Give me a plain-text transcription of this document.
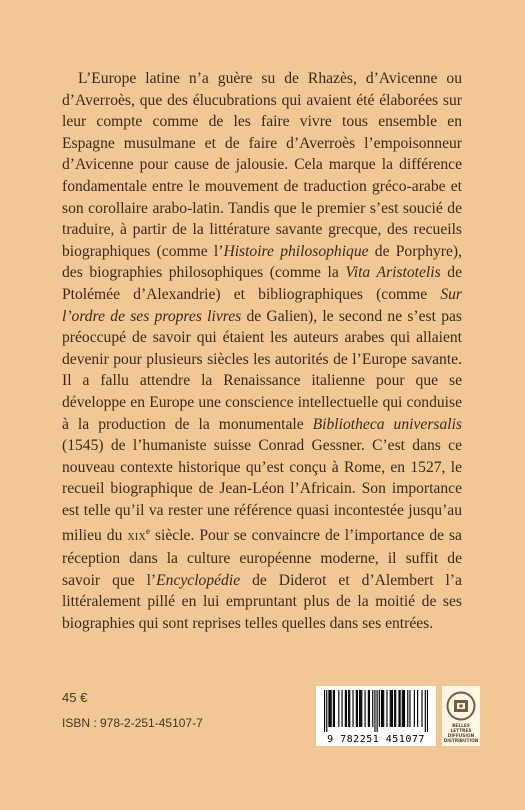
L’Europe latine n’a guère su de Rhazès, d’Avicenne ou d’Averroès, que des élucubrations qui avaient été élaborées sur leur compte comme de les faire vivre tous ensemble en Espagne musulmane et de faire d’Averroès l’empoisonneur d’Avicenne pour cause de jalousie. Cela marque la différence fondamentale entre le mouvement de traduction gréco-arabe et son corollaire arabo-latin. Tandis que le premier s’est soucié de traduire, à partir de la littérature savante grecque, des recueils biographiques (comme l’Histoire philosophique de Porphyre), des biographies philosophiques (comme la Vita Aristotelis de Ptolémée d’Alexandrie) et bibliographiques (comme Sur l’ordre de ses propres livres de Galien), le second ne s’est pas préoccupé de savoir qui étaient les auteurs arabes qui allaient devenir pour plusieurs siècles les autorités de l’Europe savante. Il a fallu attendre la Renaissance italienne pour que se développe en Europe une conscience intellectuelle qui conduise à la production de la monumentale Bibliotheca universalis (1545) de l’humaniste suisse Conrad Gessner. C’est dans ce nouveau contexte historique qu’est conçu à Rome, en 1527, le recueil biographique de Jean-Léon l’Africain. Son importance est telle qu’il va rester une référence quasi incontestée jusqu’au milieu du xix$^e$ siècle. Pour se convaincre de l’importance de sa réception dans la culture européenne moderne, il suffit de savoir que l’Encyclopédie de Diderot et d’Alembert l’a littéralement pillé en lui empruntant plus de la moitié de ses biographies qui sont reprises telles quelles dans ses entrées.

45 €
ISBN : 978-2-251-45107-7
9 782251 451077
BELLES LETTRES
DIFFUSION
DISTRIBUTION
